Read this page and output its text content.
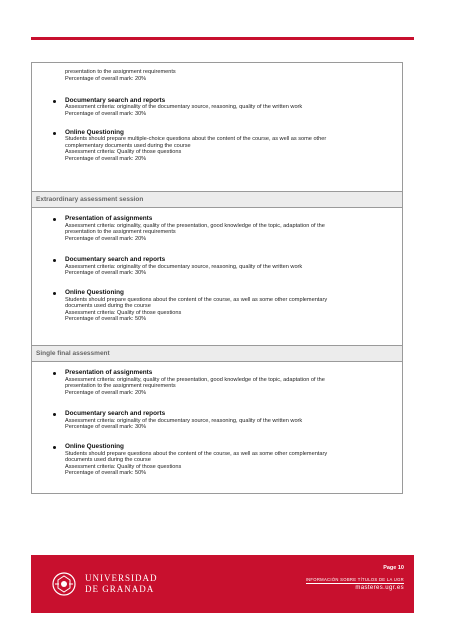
presentation to the assignment requirements
Percentage of overall mark: 20%
Documentary search and reports
Assessment criteria: originality of the documentary source, reasoning, quality of the written work
Percentage of overall mark: 30%
Online Questioning
Students should prepare multiple-choice questions about the content of the course, as well as some other
complementary documents used during the course
Assessment criteria: Quality of those questions
Percentage of overall mark: 20%
Extraordinary assessment session
Presentation of assignments
Assessment criteria: originality, quality of the presentation, good knowledge of the topic, adaptation of the
presentation to the assignment requirements
Percentage of overall mark: 20%
Documentary search and reports
Assessment criteria: originality of the documentary source, reasoning, quality of the written work
Percentage of overall mark: 30%
Online Questioning
Students should prepare questions about the content of the course, as well as some other complementary
documents used during the course
Assessment criteria: Quality of those questions
Percentage of overall mark: 50%
Single final assessment
Presentation of assignments
Assessment criteria: originality, quality of the presentation, good knowledge of the topic, adaptation of the
presentation to the assignment requirements
Percentage of overall mark: 20%
Documentary search and reports
Assessment criteria: originality of the documentary source, reasoning, quality of the written work
Percentage of overall mark: 30%
Online Questioning
Students should prepare questions about the content of the course, as well as some other complementary
documents used during the course
Assessment criteria: Quality of those questions
Percentage of overall mark: 50%
UNIVERSIDAD
DE GRANADA
Page 10
INFORMACIÓN SOBRE TÍTULOS DE LA UGR
masteres.ugr.es
